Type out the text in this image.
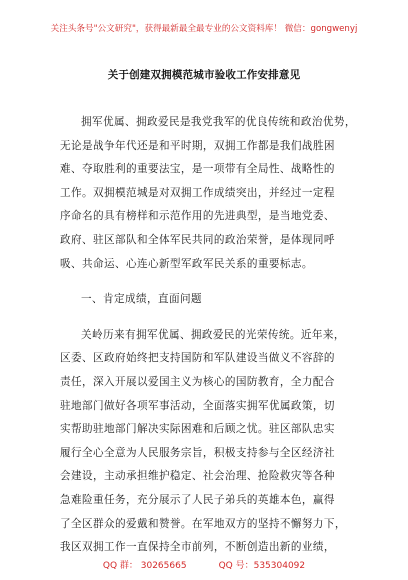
关注头条号"公文研究"，获得最新最全最专业的公文资料库！ 微信：gongwenyj
关于创建双拥模范城市验收工作安排意见
拥军优属、拥政爱民是我党我军的优良传统和政治优势，
无论是战争年代还是和平时期，双拥工作都是我们战胜困
难、夺取胜利的重要法宝，是一项带有全局性、战略性的
工作。双拥模范城是对双拥工作成绩突出，并经过一定程
序命名的具有榜样和示范作用的先进典型，是当地党委、
政府、驻区部队和全体军民共同的政治荣誉，是体现同呼
吸、共命运、心连心新型军政军民关系的重要标志。
一、肯定成绩，直面问题
关岭历来有拥军优属、拥政爱民的光荣传统。近年来，
区委、区政府始终把支持国防和军队建设当做义不容辞的
责任，深入开展以爱国主义为核心的国防教育，全力配合
驻地部门做好各项军事活动，全面落实拥军优属政策，切
实帮助驻地部门解决实际困难和后顾之忧。驻区部队忠实
履行全心全意为人民服务宗旨，积极支持参与全区经济社
会建设，主动承担维护稳定、社会治理、抢险救灾等各种
急难险重任务，充分展示了人民子弟兵的英雄本色，赢得
了全区群众的爱戴和赞誉。在军地双方的坚持不懈努力下，
我区双拥工作一直保持全市前列，不断创造出新的业绩，
QQ 群： 30265665	QQ 号：535304092
